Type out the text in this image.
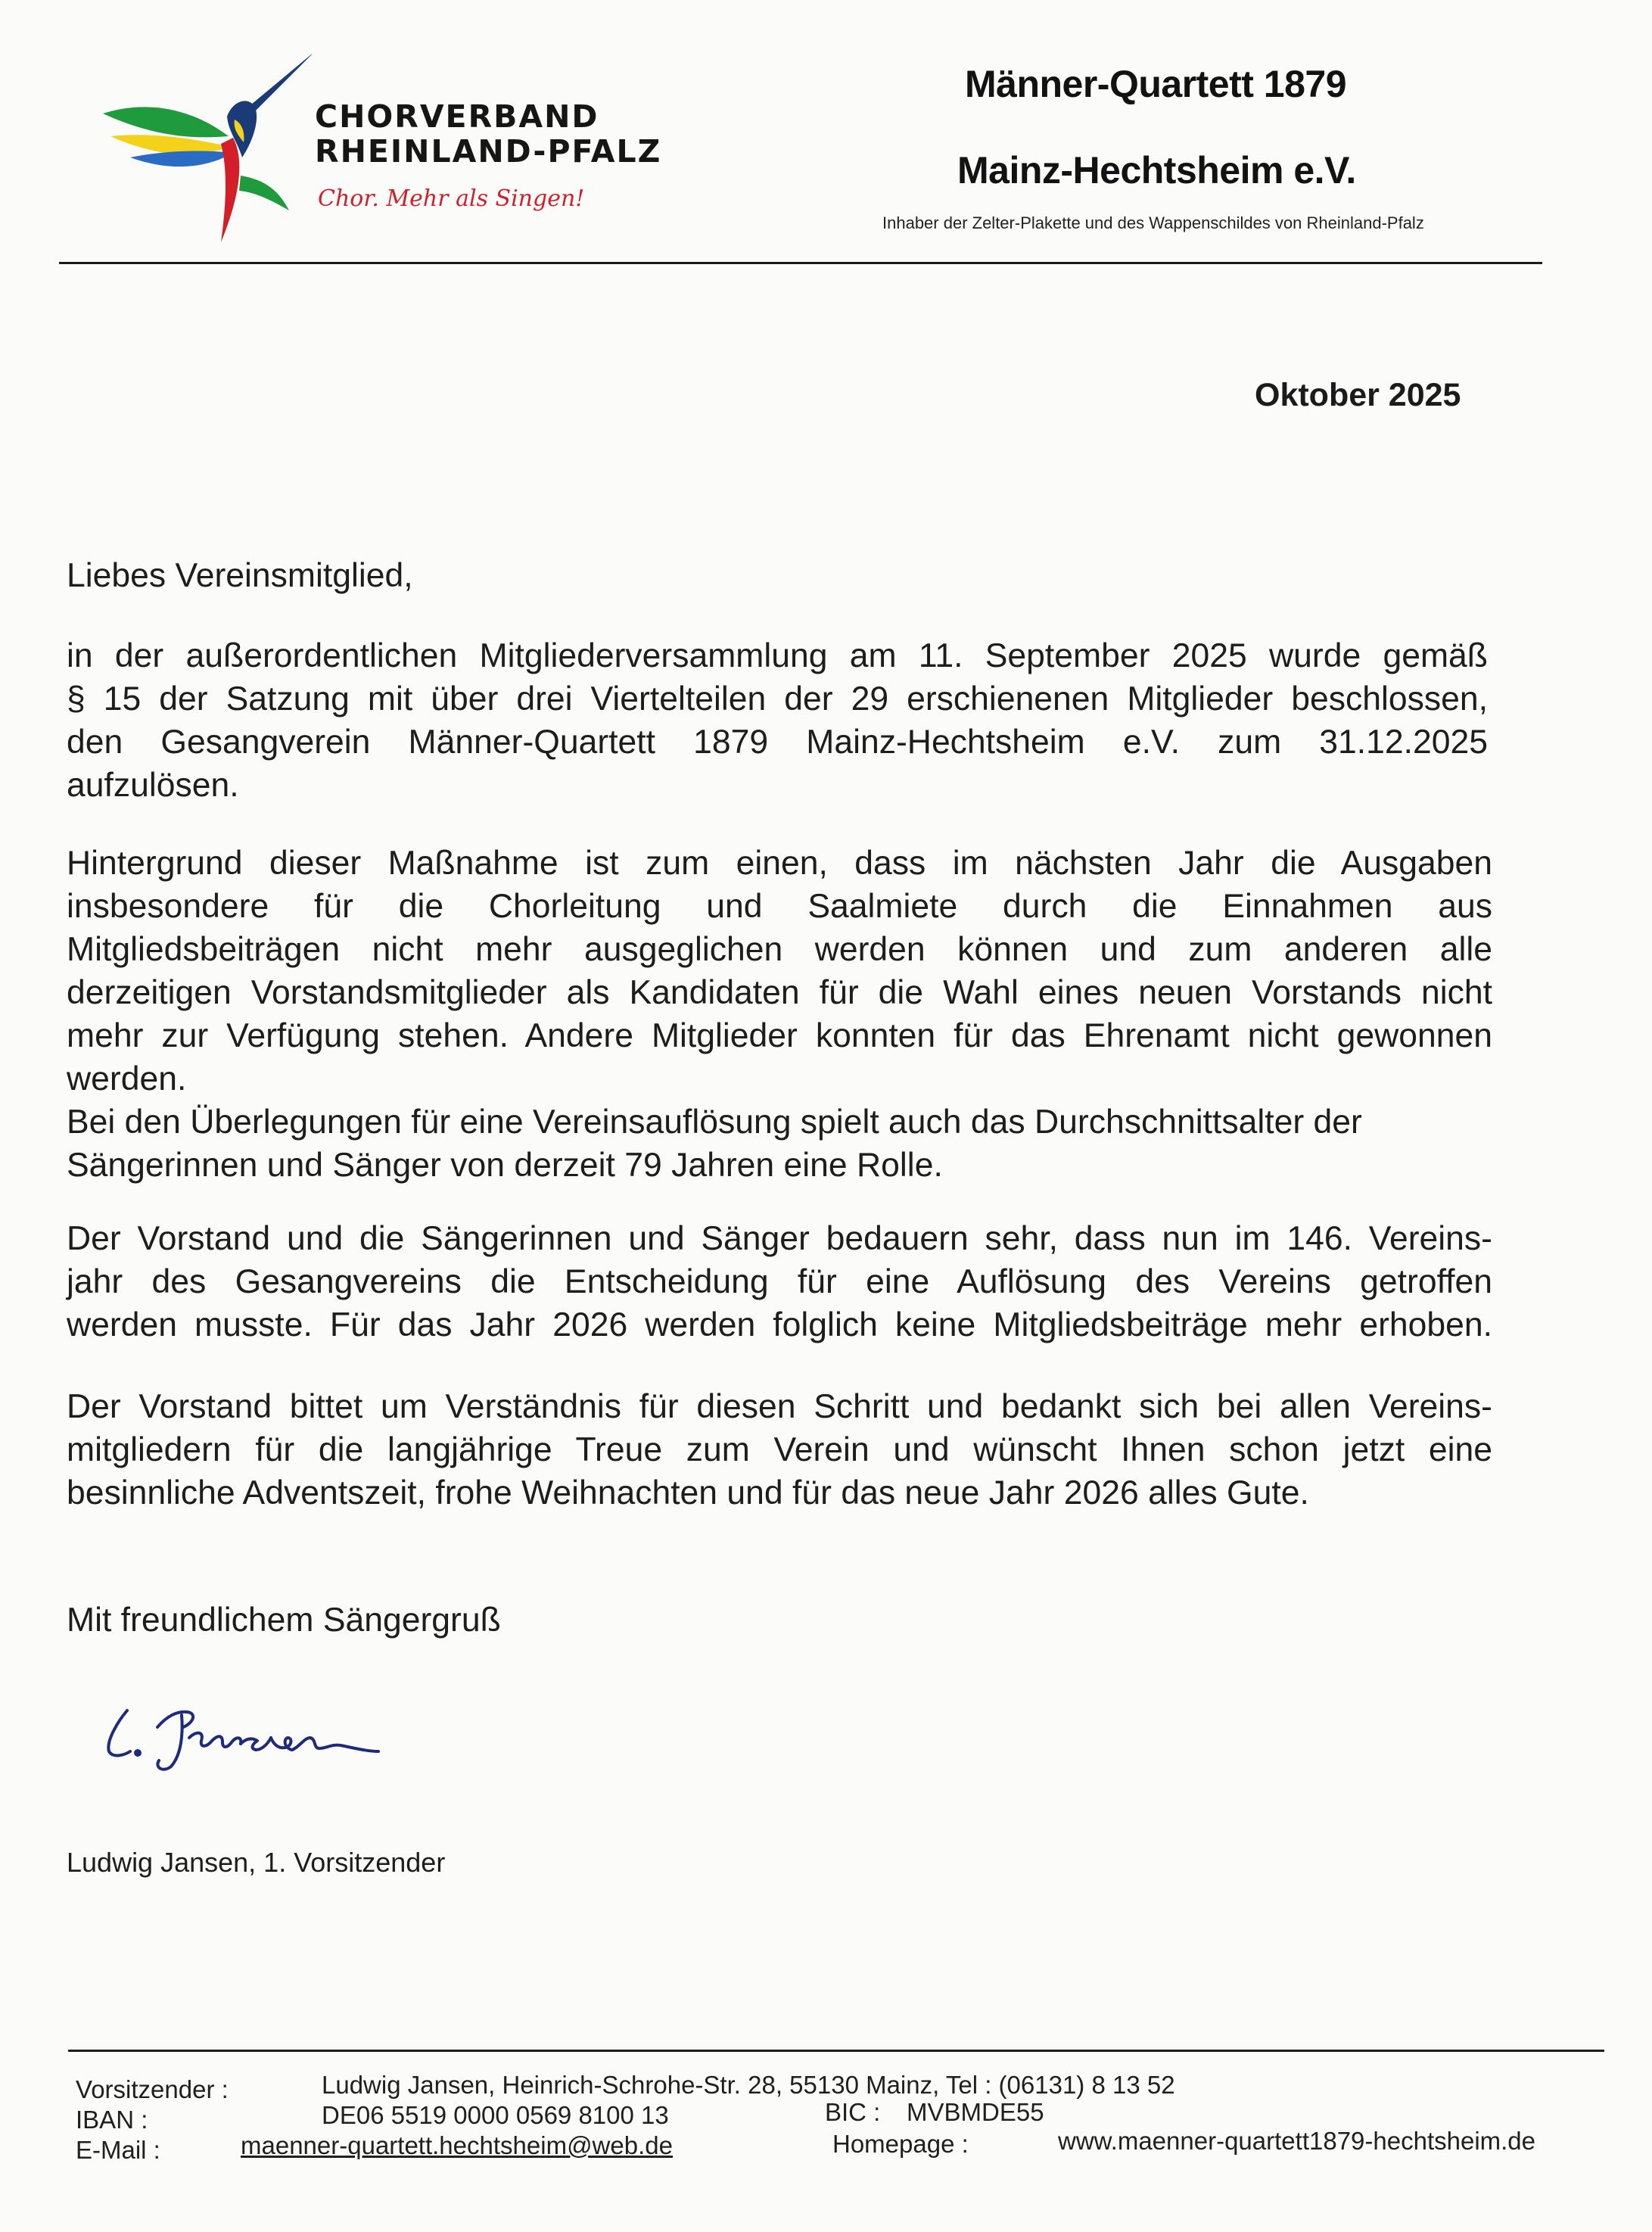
CHORVERBAND
RHEINLAND-PFALZ
Chor. Mehr als Singen!
Männer-Quartett 1879
Mainz-Hechtsheim e.V.
Inhaber der Zelter-Plakette und des Wappenschildes von Rheinland-Pfalz
Oktober 2025
Liebes Vereinsmitglied,
in der außerordentlichen Mitgliederversammlung am 11. September 2025 wurde gemäß
§ 15 der Satzung mit über drei Viertelteilen der 29 erschienenen Mitglieder beschlossen,
den Gesangverein Männer-Quartett 1879 Mainz-Hechtsheim e.V. zum 31.12.2025
aufzulösen.
Hintergrund dieser Maßnahme ist zum einen, dass im nächsten Jahr die Ausgaben
insbesondere für die Chorleitung und Saalmiete durch die Einnahmen aus
Mitgliedsbeiträgen nicht mehr ausgeglichen werden können und zum anderen alle
derzeitigen Vorstandsmitglieder als Kandidaten für die Wahl eines neuen Vorstands nicht
mehr zur Verfügung stehen. Andere Mitglieder konnten für das Ehrenamt nicht gewonnen
werden.
Bei den Überlegungen für eine Vereinsauflösung spielt auch das Durchschnittsalter der
Sängerinnen und Sänger von derzeit 79 Jahren eine Rolle.
Der Vorstand und die Sängerinnen und Sänger bedauern sehr, dass nun im 146. Vereins-
jahr des Gesangvereins die Entscheidung für eine Auflösung des Vereins getroffen
werden musste. Für das Jahr 2026 werden folglich keine Mitgliedsbeiträge mehr erhoben.
Der Vorstand bittet um Verständnis für diesen Schritt und bedankt sich bei allen Vereins-
mitgliedern für die langjährige Treue zum Verein und wünscht Ihnen schon jetzt eine
besinnliche Adventszeit, frohe Weihnachten und für das neue Jahr 2026 alles Gute.
Mit freundlichem Sängergruß
Ludwig Jansen, 1. Vorsitzender
Vorsitzender :	Ludwig Jansen, Heinrich-Schrohe-Str. 28, 55130 Mainz, Tel : (06131) 8 13 52
IBAN :	DE06 5519 0000 0569 8100 13	BIC : MVBMDE55
E-Mail :	maenner-quartett.hechtsheim@web.de	Homepage :	www.maenner-quartett1879-hechtsheim.de
